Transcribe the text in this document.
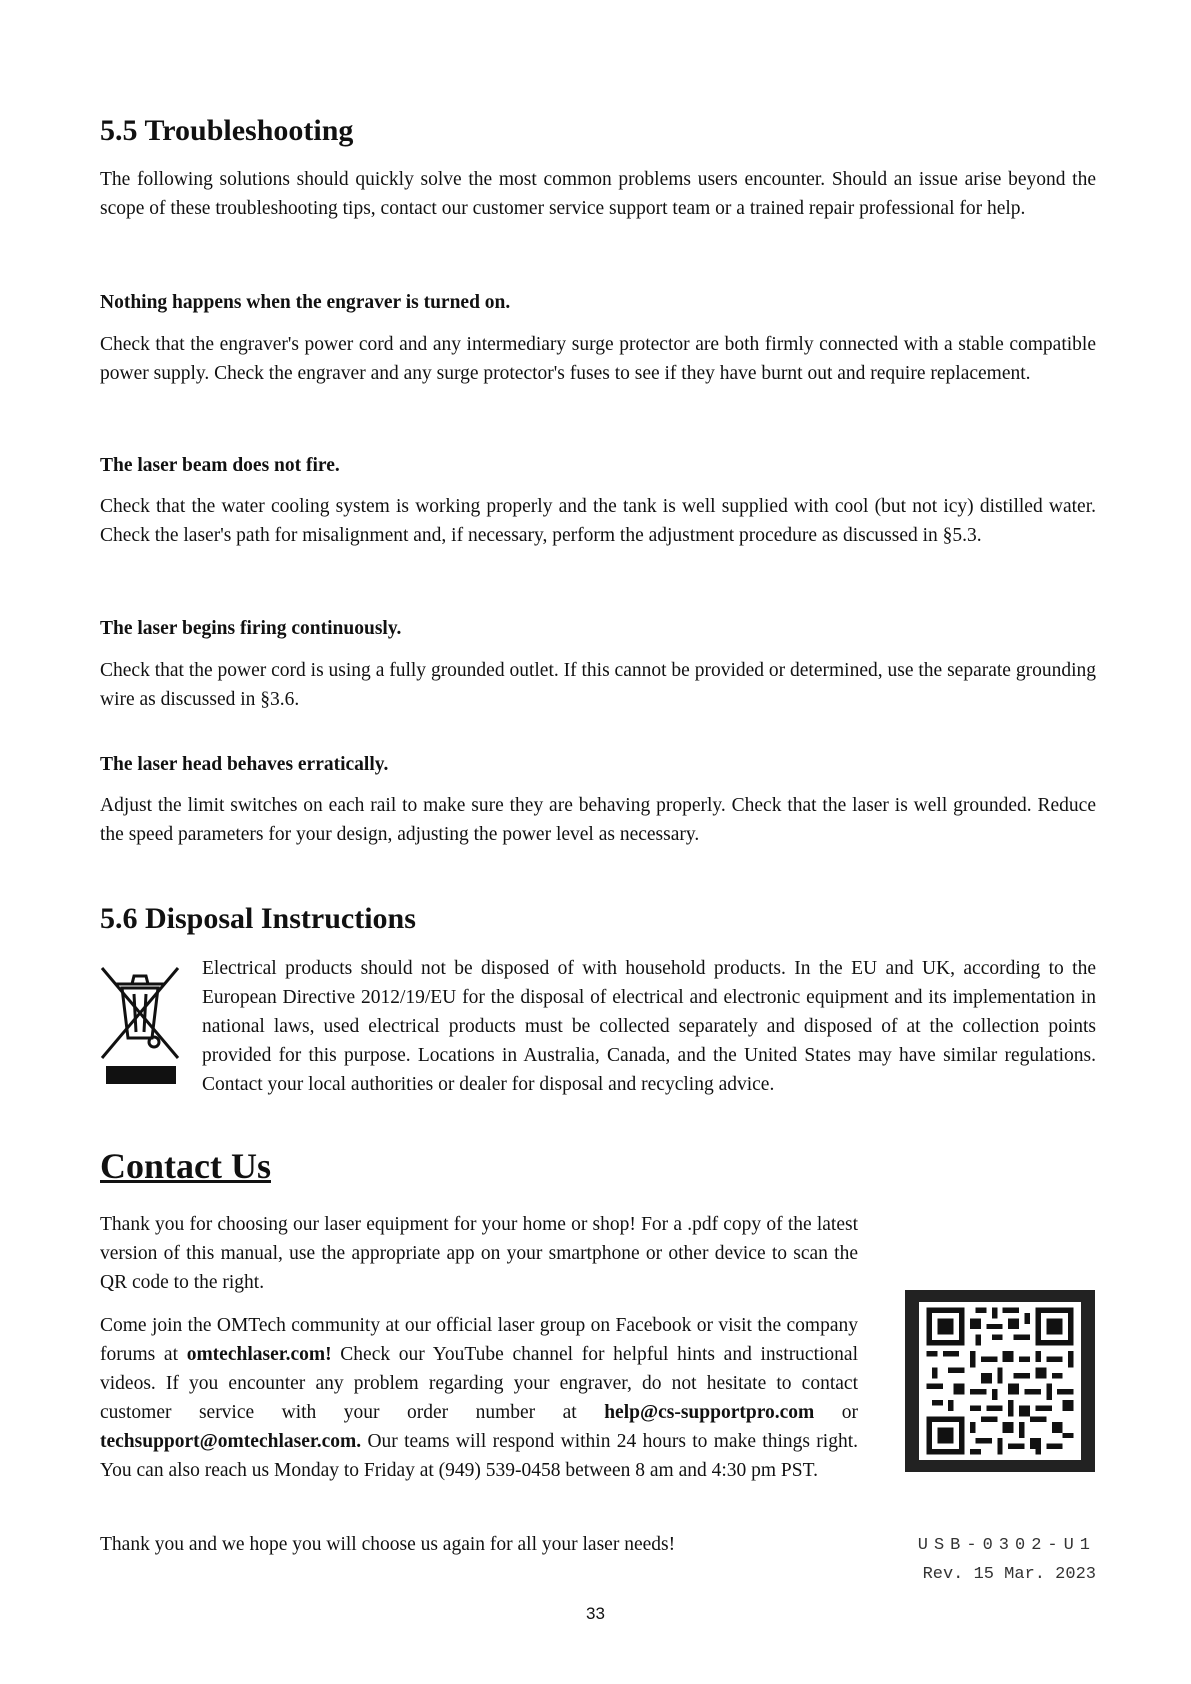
5.5 Troubleshooting

The following solutions should quickly solve the most common problems users encounter. Should an issue arise beyond the scope of these troubleshooting tips, contact our customer service support team or a trained repair professional for help.

Nothing happens when the engraver is turned on.

Check that the engraver's power cord and any intermediary surge protector are both firmly connected with a stable compatible power supply. Check the engraver and any surge protector's fuses to see if they have burnt out and require replacement.

The laser beam does not fire.

Check that the water cooling system is working properly and the tank is well supplied with cool (but not icy) distilled water. Check the laser's path for misalignment and, if necessary, perform the adjustment procedure as discussed in §5.3.

The laser begins firing continuously.

Check that the power cord is using a fully grounded outlet. If this cannot be provided or determined, use the separate grounding wire as discussed in §3.6.

The laser head behaves erratically.

Adjust the limit switches on each rail to make sure they are behaving properly. Check that the laser is well grounded. Reduce the speed parameters for your design, adjusting the power level as necessary.

5.6 Disposal Instructions

Electrical products should not be disposed of with household products. In the EU and UK, according to the European Directive 2012/19/EU for the disposal of electrical and electronic equipment and its implementation in national laws, used electrical products must be collected separately and disposed of at the collection points provided for this purpose. Locations in Australia, Canada, and the United States may have similar regulations. Contact your local authorities or dealer for disposal and recycling advice.

Contact Us

Thank you for choosing our laser equipment for your home or shop! For a .pdf copy of the latest version of this manual, use the appropriate app on your smartphone or other device to scan the QR code to the right.

Come join the OMTech community at our official laser group on Facebook or visit the company forums at omtechlaser.com! Check our YouTube channel for helpful hints and instructional videos. If you encounter any problem regarding your engraver, do not hesitate to contact customer service with your order number at help@cs-supportpro.com or techsupport@omtechlaser.com. Our teams will respond within 24 hours to make things right. You can also reach us Monday to Friday at (949) 539-0458 between 8 am and 4:30 pm PST.

Thank you and we hope you will choose us again for all your laser needs!	USB-0302-U1
Rev. 15 Mar. 2023
33
